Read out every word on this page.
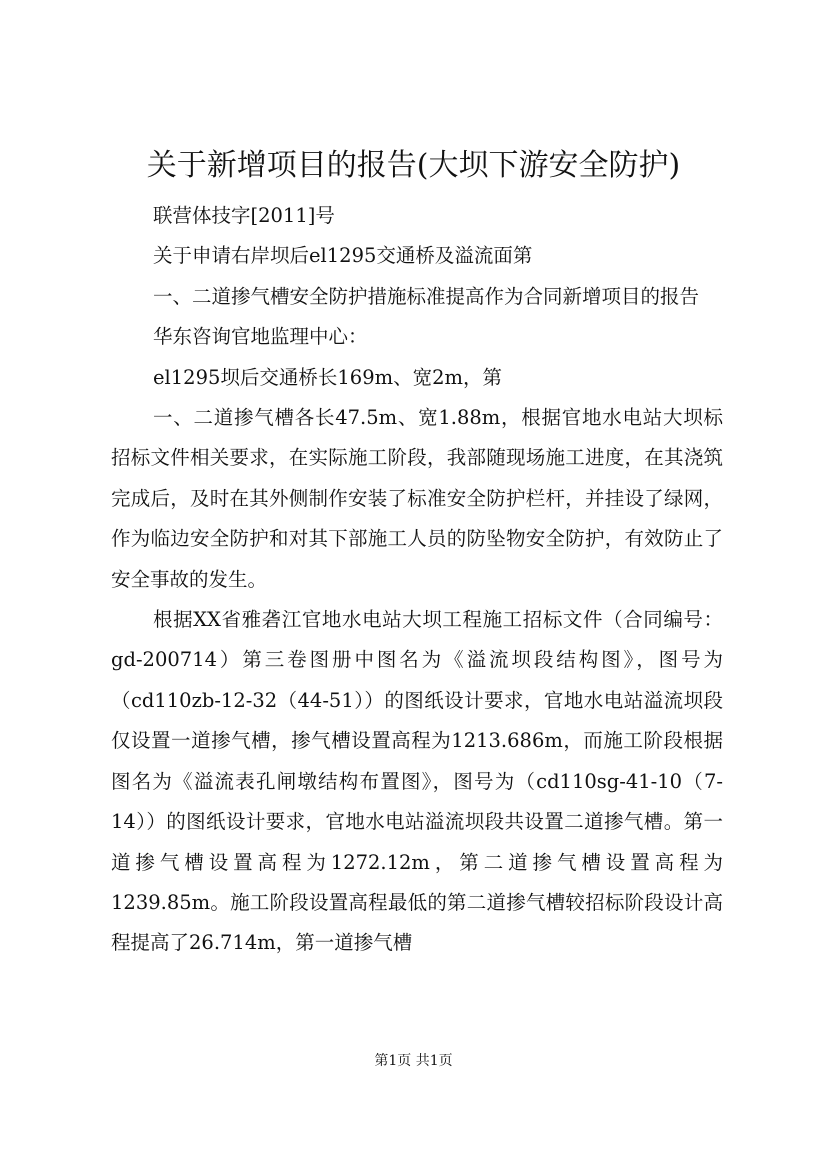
关于新增项目的报告(大坝下游安全防护)

联营体技字[2011]号

关于申请右岸坝后el1295交通桥及溢流面第

一、二道掺气槽安全防护措施标准提高作为合同新增项目的报告

华东咨询官地监理中心：

el1295坝后交通桥长169m、宽2m，第

一、二道掺气槽各长47.5m、宽1.88m，根据官地水电站大坝标招标文件相关要求，在实际施工阶段，我部随现场施工进度，在其浇筑完成后，及时在其外侧制作安装了标准安全防护栏杆，并挂设了绿网，作为临边安全防护和对其下部施工人员的防坠物安全防护，有效防止了安全事故的发生。

根据XX省雅砻江官地水电站大坝工程施工招标文件（合同编号：gd-200714）第三卷图册中图名为《溢流坝段结构图》，图号为（cd110zb-12-32（44-51））的图纸设计要求，官地水电站溢流坝段仅设置一道掺气槽，掺气槽设置高程为1213.686m，而施工阶段根据图名为《溢流表孔闸墩结构布置图》，图号为（cd110sg-41-10（7-14））的图纸设计要求，官地水电站溢流坝段共设置二道掺气槽。第一道掺气槽设置高程为1272.12m，第二道掺气槽设置高程为1239.85m。施工阶段设置高程最低的第二道掺气槽较招标阶段设计高程提高了26.714m，第一道掺气槽

第1页 共1页
